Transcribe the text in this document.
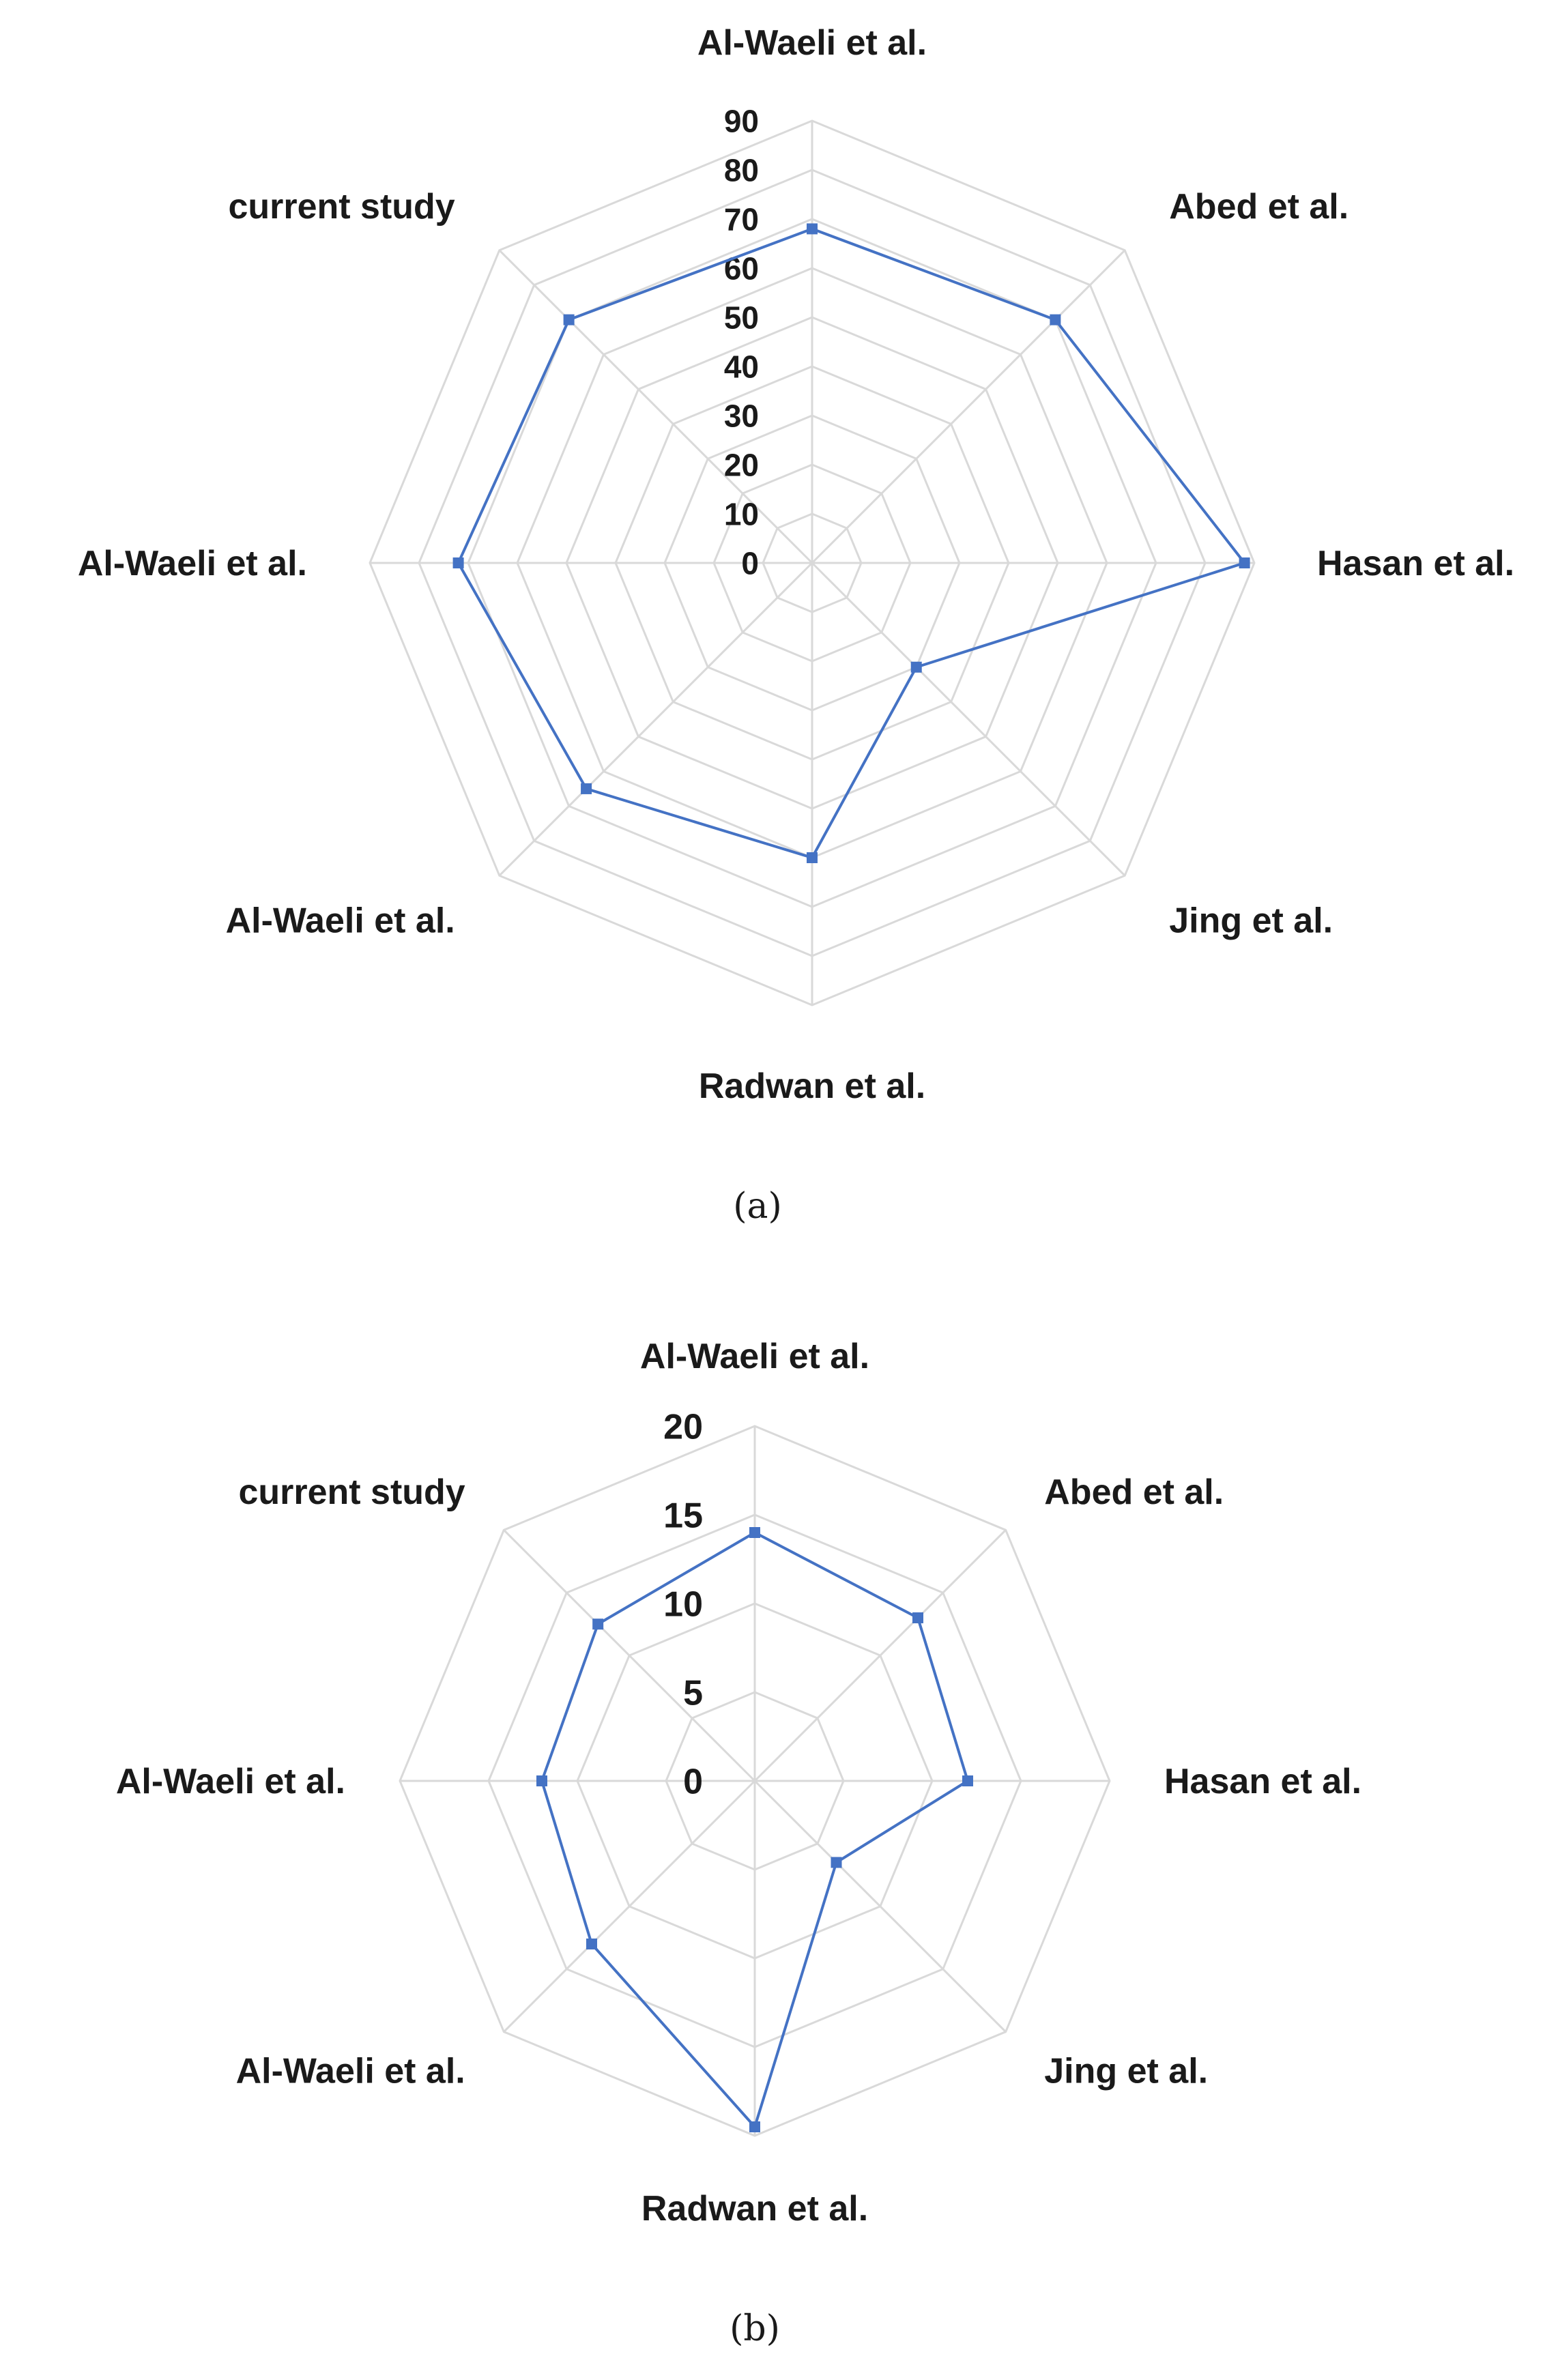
0
10
20
30
40
50
60
70
80
90
Al-Waeli et al.
Abed et al.
Hasan et al.
Jing et al.
Radwan et al.
Al-Waeli et al.
Al-Waeli et al.
current study
(a)
0
5
10
15
20
Al-Waeli et al.
Abed et al.
Hasan et al.
Jing et al.
Radwan et al.
Al-Waeli et al.
Al-Waeli et al.
current study
(b)
